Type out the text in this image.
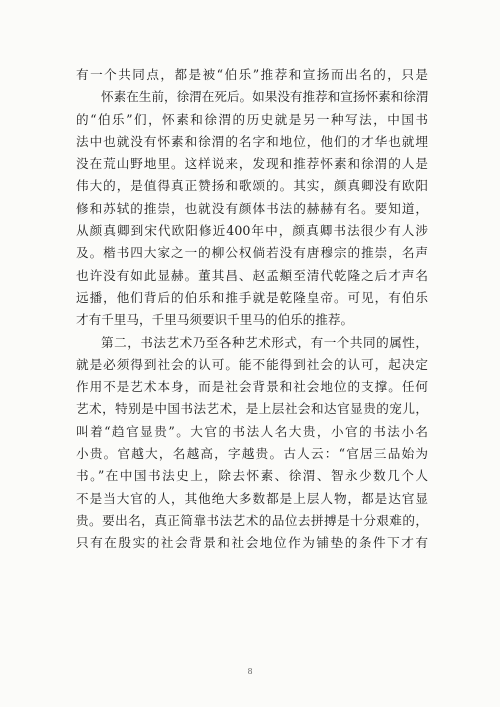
有一个共同点，都是被“伯乐”推荐和宣扬而出名的，只是
怀素在生前，徐渭在死后。如果没有推荐和宣扬怀素和徐渭
的“伯乐”们，怀素和徐渭的历史就是另一种写法，中国书
法中也就没有怀素和徐渭的名字和地位，他们的才华也就埋
没在荒山野地里。这样说来，发现和推荐怀素和徐渭的人是
伟大的，是值得真正赞扬和歌颂的。其实，颜真卿没有欧阳
修和苏轼的推崇，也就没有颜体书法的赫赫有名。要知道，
从颜真卿到宋代欧阳修近400年中，颜真卿书法很少有人涉
及。楷书四大家之一的柳公权倘若没有唐穆宗的推崇，名声
也许没有如此显赫。董其昌、赵孟頫至清代乾隆之后才声名
远播，他们背后的伯乐和推手就是乾隆皇帝。可见，有伯乐
才有千里马，千里马须要识千里马的伯乐的推荐。
第二，书法艺术乃至各种艺术形式，有一个共同的属性，
就是必须得到社会的认可。能不能得到社会的认可，起决定
作用不是艺术本身，而是社会背景和社会地位的支撑。任何
艺术，特别是中国书法艺术，是上层社会和达官显贵的宠儿，
叫着“趋官显贵”。大官的书法人名大贵，小官的书法小名
小贵。官越大，名越高，字越贵。古人云：“官居三品始为
书。”在中国书法史上，除去怀素、徐渭、智永少数几个人
不是当大官的人，其他绝大多数都是上层人物，都是达官显
贵。要出名，真正简靠书法艺术的品位去拼搏是十分艰难的，
只有在殷实的社会背景和社会地位作为铺垫的条件下才有
8
